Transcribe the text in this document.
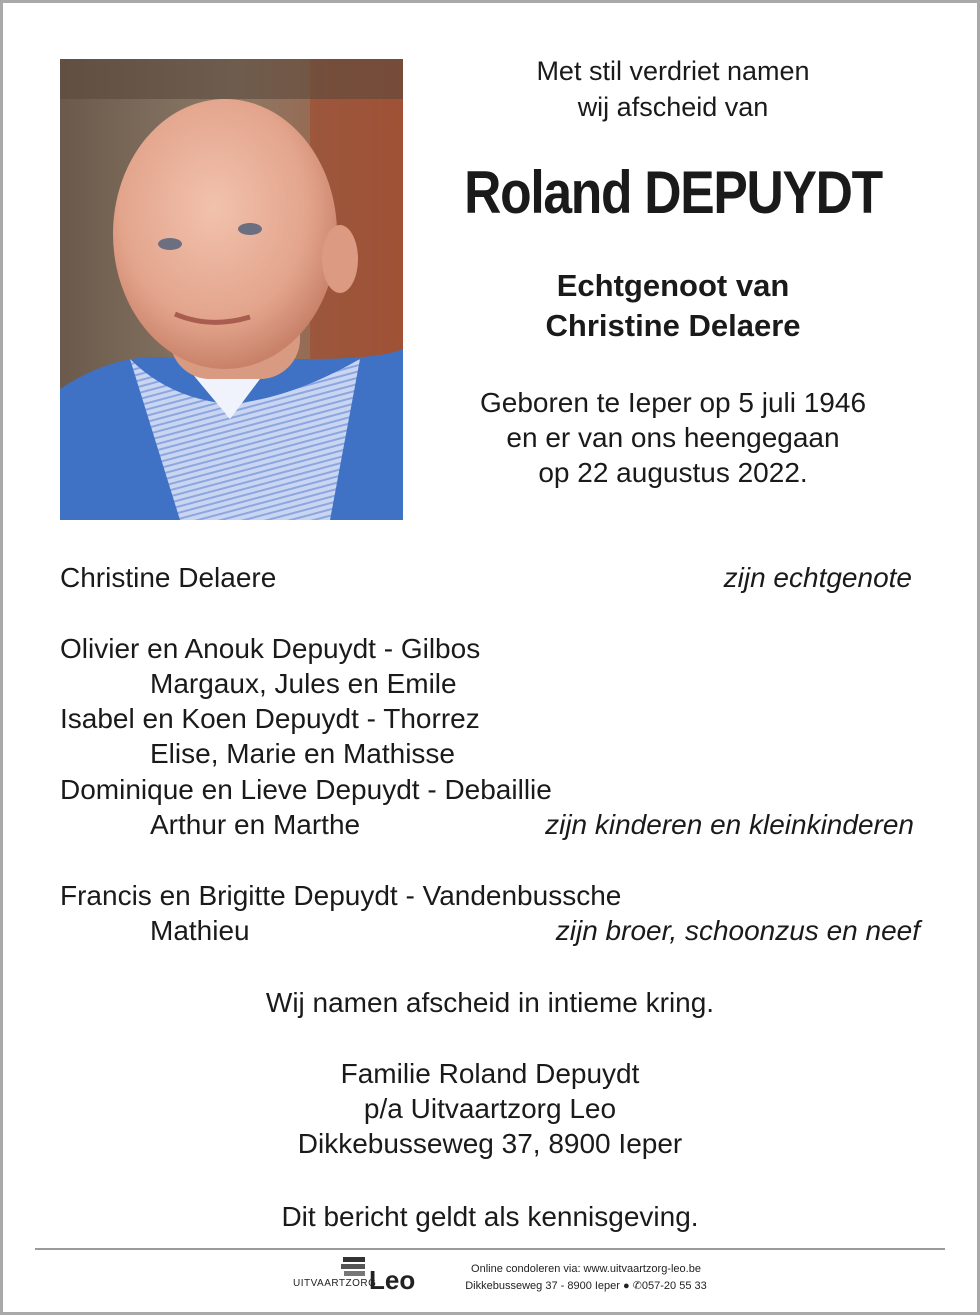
Met stil verdriet namen
wij afscheid van
Roland DEPUYDT
Echtgenoot van
Christine Delaere
Geboren te Ieper op 5 juli 1946
en er van ons heengegaan
op 22 augustus 2022.
Christine Delaere	zijn echtgenote
Olivier en Anouk Depuydt - Gilbos
Margaux, Jules en Emile
Isabel en Koen Depuydt - Thorrez
Elise, Marie en Mathisse
Dominique en Lieve Depuydt - Debaillie
Arthur en Marthe	zijn kinderen en kleinkinderen
Francis en Brigitte Depuydt - Vandenbussche
Mathieu	zijn broer, schoonzus en neef
Wij namen afscheid in intieme kring.
Familie Roland Depuydt
p/a Uitvaartzorg Leo
Dikkebusseweg 37, 8900 Ieper
Dit bericht geldt als kennisgeving.
UITVAARTZORG
Leo	Online condoleren via: www.uitvaartzorg-leo.be
Dikkebusseweg 37 - 8900 Ieper ● ✆057-20 55 33
